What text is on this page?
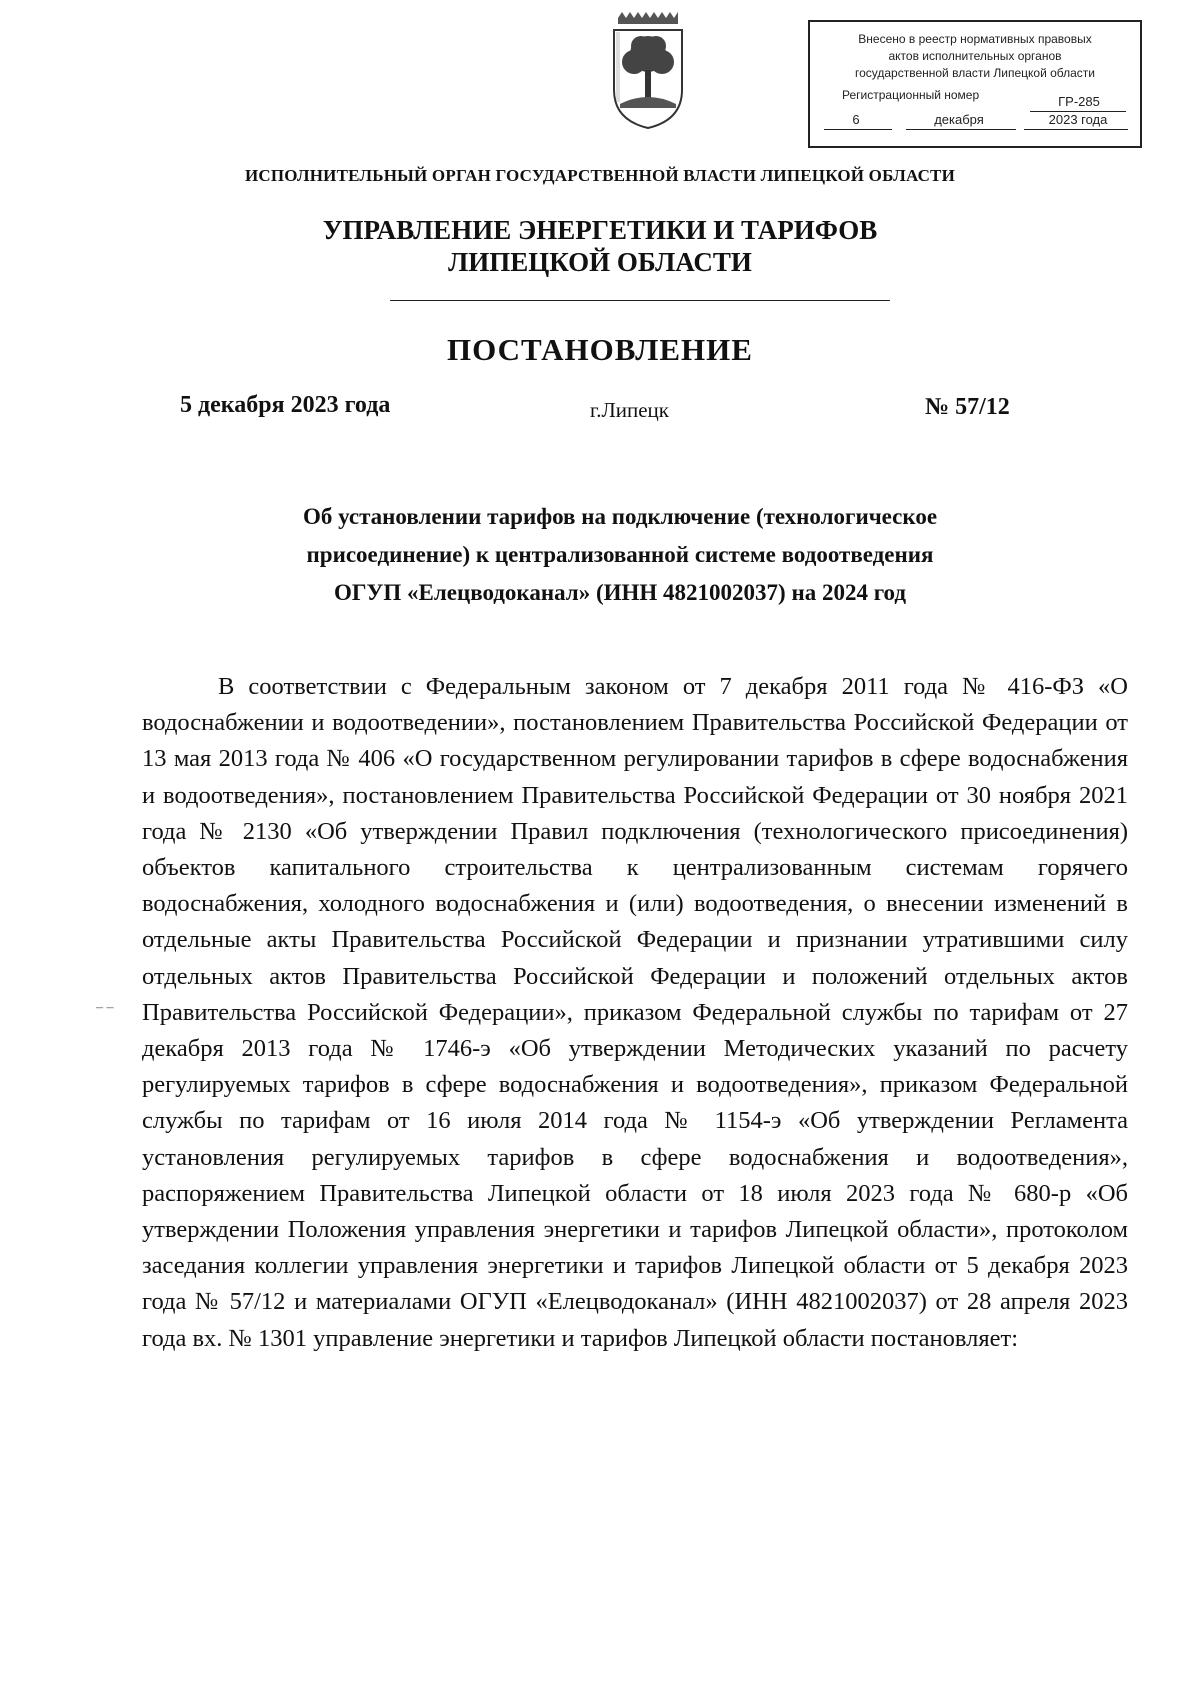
Внесено в реестр нормативных правовых
актов исполнительных органов
государственной власти Липецкой области
Регистрационный номер	ГР-285
6	декабря	2023 года
ИСПОЛНИТЕЛЬНЫЙ ОРГАН ГОСУДАРСТВЕННОЙ ВЛАСТИ ЛИПЕЦКОЙ ОБЛАСТИ
УПРАВЛЕНИЕ ЭНЕРГЕТИКИ И ТАРИФОВ
ЛИПЕЦКОЙ ОБЛАСТИ
ПОСТАНОВЛЕНИЕ
5 декабря 2023 года	г.Липецк	№ 57/12
Об установлении тарифов на подключение (технологическое
присоединение) к централизованной системе водоотведения
ОГУП «Елецводоканал» (ИНН 4821002037) на 2024 год

В соответствии с Федеральным законом от 7 декабря 2011 года № 416-ФЗ «О водоснабжении и водоотведении», постановлением Правительства Российской Федерации от 13 мая 2013 года № 406 «О государственном регулировании тарифов в сфере водоснабжения и водоотведения», постановлением Правительства Российской Федерации от 30 ноября 2021 года № 2130 «Об утверждении Правил подключения (технологического присоединения) объектов капитального строительства к централизованным системам горячего водоснабжения, холодного водоснабжения и (или) водоотведения, о внесении изменений в отдельные акты Правительства Российской Федерации и признании утратившими силу отдельных актов Правительства Российской Федерации и положений отдельных актов Правительства Российской Федерации», приказом Федеральной службы по тарифам от 27 декабря 2013 года № 1746-э «Об утверждении Методических указаний по расчету регулируемых тарифов в сфере водоснабжения и водоотведения», приказом Федеральной службы по тарифам от 16 июля 2014 года № 1154-э «Об утверждении Регламента установления регулируемых тарифов в сфере водоснабжения и водоотведения», распоряжением Правительства Липецкой области от 18 июля 2023 года № 680-р «Об утверждении Положения управления энергетики и тарифов Липецкой области», протоколом заседания коллегии управления энергетики и тарифов Липецкой области от 5 декабря 2023 года № 57/12 и материалами ОГУП «Елецводоканал» (ИНН 4821002037) от 28 апреля 2023 года вх. № 1301 управление энергетики и тарифов Липецкой области постановляет:

‒ ‒
